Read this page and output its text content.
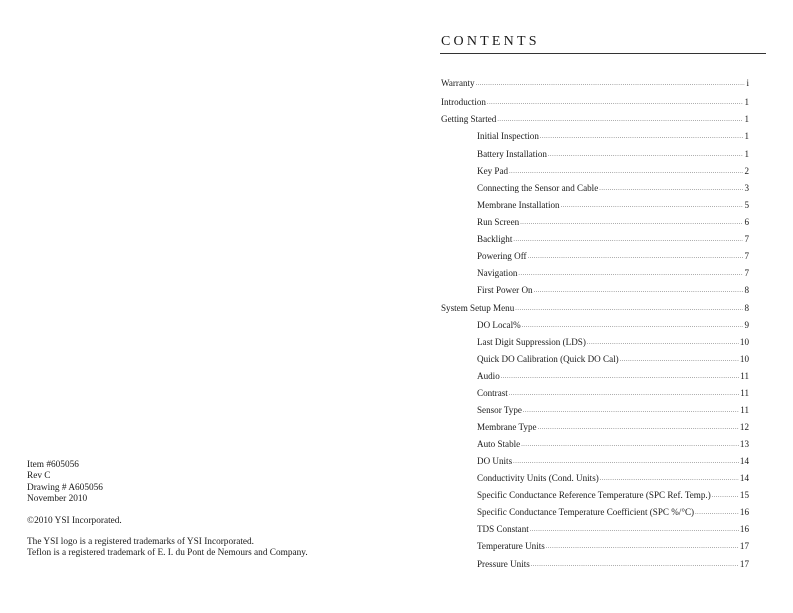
Item #605056
Rev C
Drawing # A605056
November 2010
©2010 YSI Incorporated.
The YSI logo is a registered trademarks of YSI Incorporated.
Teflon is a registered trademark of E. I. du Pont de Nemours and Company.
CONTENTS
Warranty .....	i
Introduction .....	1
Getting Started .....	1
Initial Inspection .....	1
Battery Installation .....	1
Key Pad .....	2
Connecting the Sensor and Cable .....	3
Membrane Installation .....	5
Run Screen .....	6
Backlight .....	7
Powering Off .....	7
Navigation .....	7
First Power On .....	8
System Setup Menu .....	8
DO Local% .....	9
Last Digit Suppression (LDS) .....	10
Quick DO Calibration (Quick DO Cal) .....	10
Audio .....	11
Contrast .....	11
Sensor Type .....	11
Membrane Type .....	12
Auto Stable .....	13
DO Units .....	14
Conductivity Units (Cond. Units) .....	14
Specific Conductance Reference Temperature (SPC Ref. Temp.) .....	15
Specific Conductance Temperature Coefficient (SPC %/°C) .....	16
TDS Constant .....	16
Temperature Units .....	17
Pressure Units .....	17
